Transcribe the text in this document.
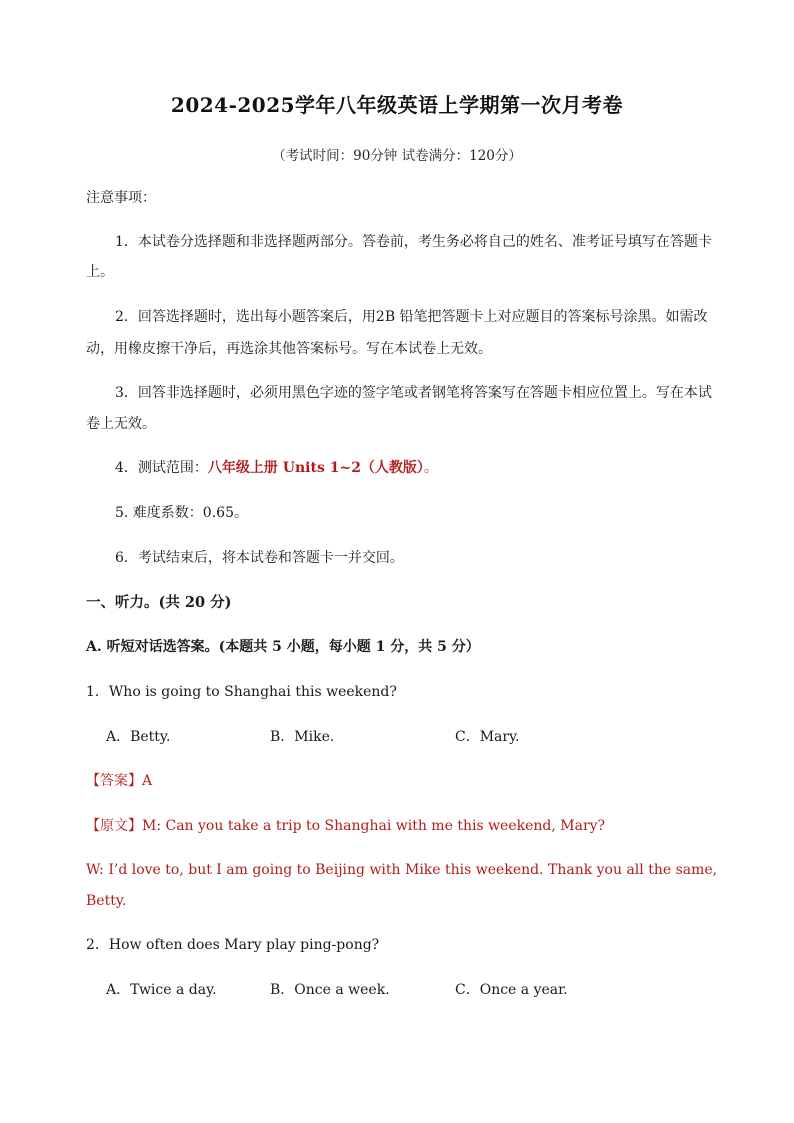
2024-2025学年八年级英语上学期第一次月考卷
（考试时间：90分钟 试卷满分：120分）
注意事项：
1．本试卷分选择题和非选择题两部分。答卷前，考生务必将自己的姓名、准考证号填写在答题卡
上。
2．回答选择题时，选出每小题答案后，用2B 铅笔把答题卡上对应题目的答案标号涂黑。如需改
动，用橡皮擦干净后，再选涂其他答案标号。写在本试卷上无效。
3．回答非选择题时，必须用黑色字迹的签字笔或者钢笔将答案写在答题卡相应位置上。写在本试
卷上无效。
4．测试范围：八年级上册 Units 1~2（人教版）。
5. 难度系数：0.65。
6．考试结束后，将本试卷和答题卡一并交回。
一、听力。(共 20 分)
A. 听短对话选答案。(本题共 5 小题，每小题 1 分，共 5 分）
1．Who is going to Shanghai this weekend?
A．Betty.	B．Mike.	C．Mary.
【答案】A
【原文】M: Can you take a trip to Shanghai with me this weekend, Mary?
W: I’d love to, but I am going to Beijing with Mike this weekend. Thank you all the same,
Betty.
2．How often does Mary play ping-pong?
A．Twice a day.	B．Once a week.	C．Once a year.
